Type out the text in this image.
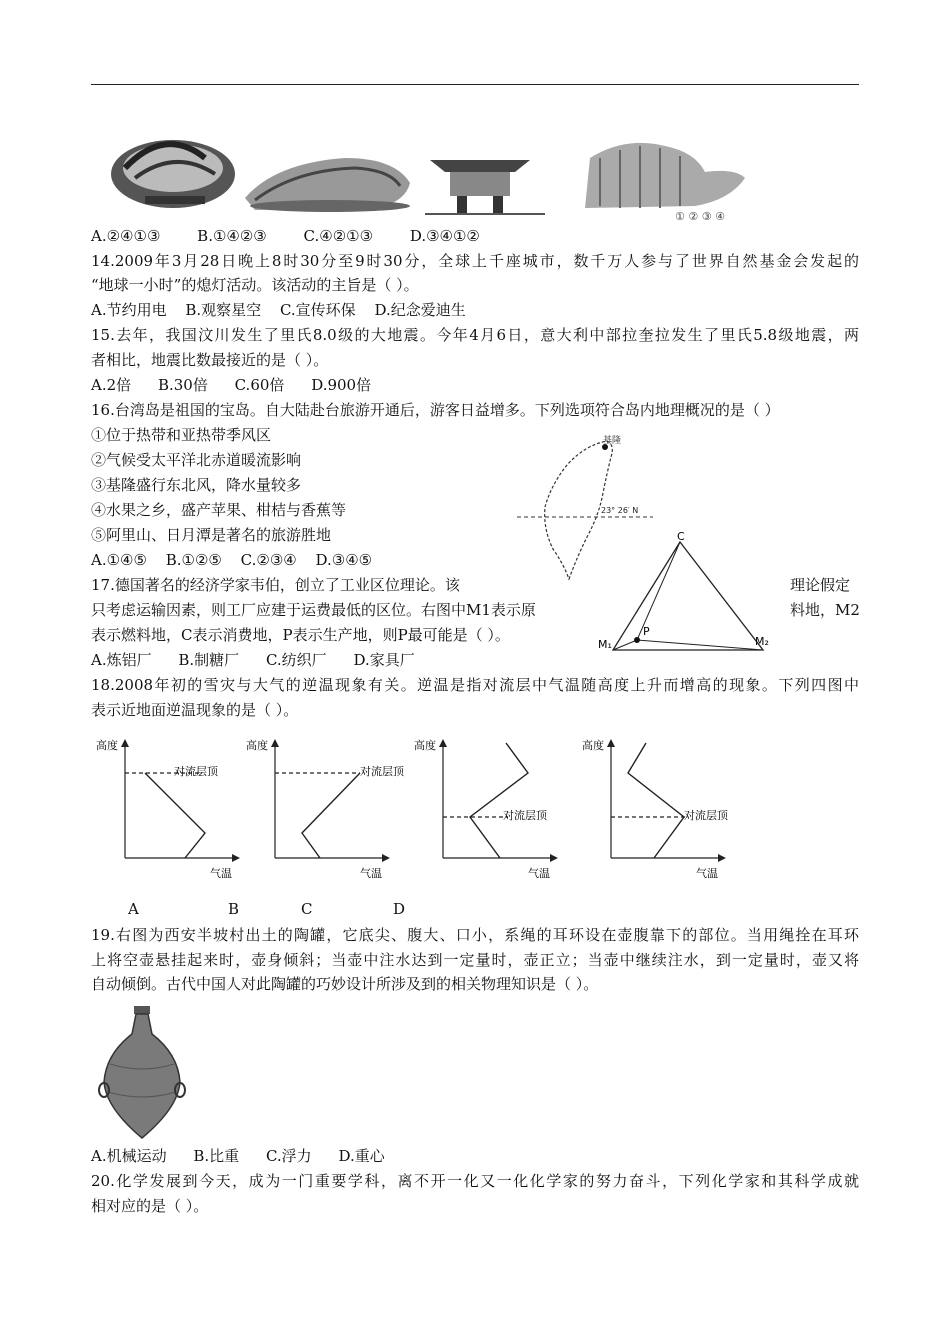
① ② ③ ④
A.②④①③ B.①④②③ C.④②①③ D.③④①②
14.2009年3月28日晚上8时30分至9时30分，全球上千座城市，数千万人参与了世界自然基金会发起的
“地球一小时”的熄灯活动。该活动的主旨是（ ）。
A.节约用电 B.观察星空 C.宣传环保 D.纪念爱迪生
15.去年，我国汶川发生了里氏8.0级的大地震。今年4月6日，意大利中部拉奎拉发生了里氏5.8级地震，两
者相比，地震比数最接近的是（ ）。
A.2倍 B.30倍 C.60倍 D.900倍
16.台湾岛是祖国的宝岛。自大陆赴台旅游开通后，游客日益增多。下列选项符合岛内地理概况的是（ ）
①位于热带和亚热带季风区
②气候受太平洋北赤道暖流影响
③基隆盛行东北风，降水量较多
④水果之乡，盛产苹果、柑桔与香蕉等
⑤阿里山、日月潭是著名的旅游胜地
A.①④⑤ B.①②⑤ C.②③④ D.③④⑤
基隆
23° 26′ N
17.德国著名的经济学家韦伯，创立了工业区位理论。该	理论假定
只考虑运输因素，则工厂应建于运费最低的区位。右图中M1表示原	料地，M2
表示燃料地，C表示消费地，P表示生产地，则P最可能是（ ）。
A.炼铝厂 B.制糖厂 C.纺织厂 D.家具厂
C
P
M₁	M₂
18.2008年初的雪灾与大气的逆温现象有关。逆温是指对流层中气温随高度上升而增高的现象。下列四图中
表示近地面逆温现象的是（ ）。
高度
气温
对流层顶
高度
气温
对流层顶
高度
气温
对流层顶
高度
气温
对流层顶
A	B	C	D
19.右图为西安半坡村出土的陶罐，它底尖、腹大、口小，系绳的耳环设在壶腹靠下的部位。当用绳拴在耳环
上将空壶悬挂起来时，壶身倾斜；当壶中注水达到一定量时，壶正立；当壶中继续注水，到一定量时，壶又将
自动倾倒。古代中国人对此陶罐的巧妙设计所涉及到的相关物理知识是（ ）。
A.机械运动 B.比重 C.浮力 D.重心
20.化学发展到今天，成为一门重要学科，离不开一化又一化化学家的努力奋斗，下列化学家和其科学成就
相对应的是（ ）。
